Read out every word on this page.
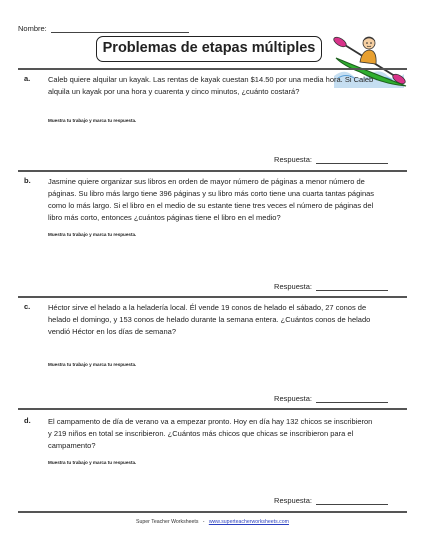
Nombre:
Problemas de etapas múltiples
a. Caleb quiere alquilar un kayak. Las rentas de kayak cuestan $14.50 por una media hora. Si Caleb alquila un kayak por una hora y cuarenta y cinco minutos, ¿cuánto costará?
Muestra tu trabajo y marca tu respuesta.
Respuesta:
b. Jasmine quiere organizar sus libros en orden de mayor número de páginas a menor número de páginas. Su libro más largo tiene 396 páginas y su libro más corto tiene una cuarta tantas páginas como lo más largo. Si el libro en el medio de su estante tiene tres veces el número de páginas del libro más corto, entonces ¿cuántos páginas tiene el libro en el medio?
Muestra tu trabajo y marca tu respuesta.
Respuesta:
c. Héctor sirve el helado a la heladería local. Él vende 19 conos de helado el sábado, 27 conos de helado el domingo, y 153 conos de helado durante la semana entera. ¿Cuántos conos de helado vendió Héctor en los días de semana?
Muestra tu trabajo y marca tu respuesta.
Respuesta:
d. El campamento de día de verano va a empezar pronto. Hoy en día hay 132 chicos se inscribieron y 219 niños en total se inscribieron. ¿Cuántos más chicos que chicas se inscribieron para el campamento?
Muestra tu trabajo y marca tu respuesta.
Respuesta:
Super Teacher Worksheets - www.superteacherworksheets.com
